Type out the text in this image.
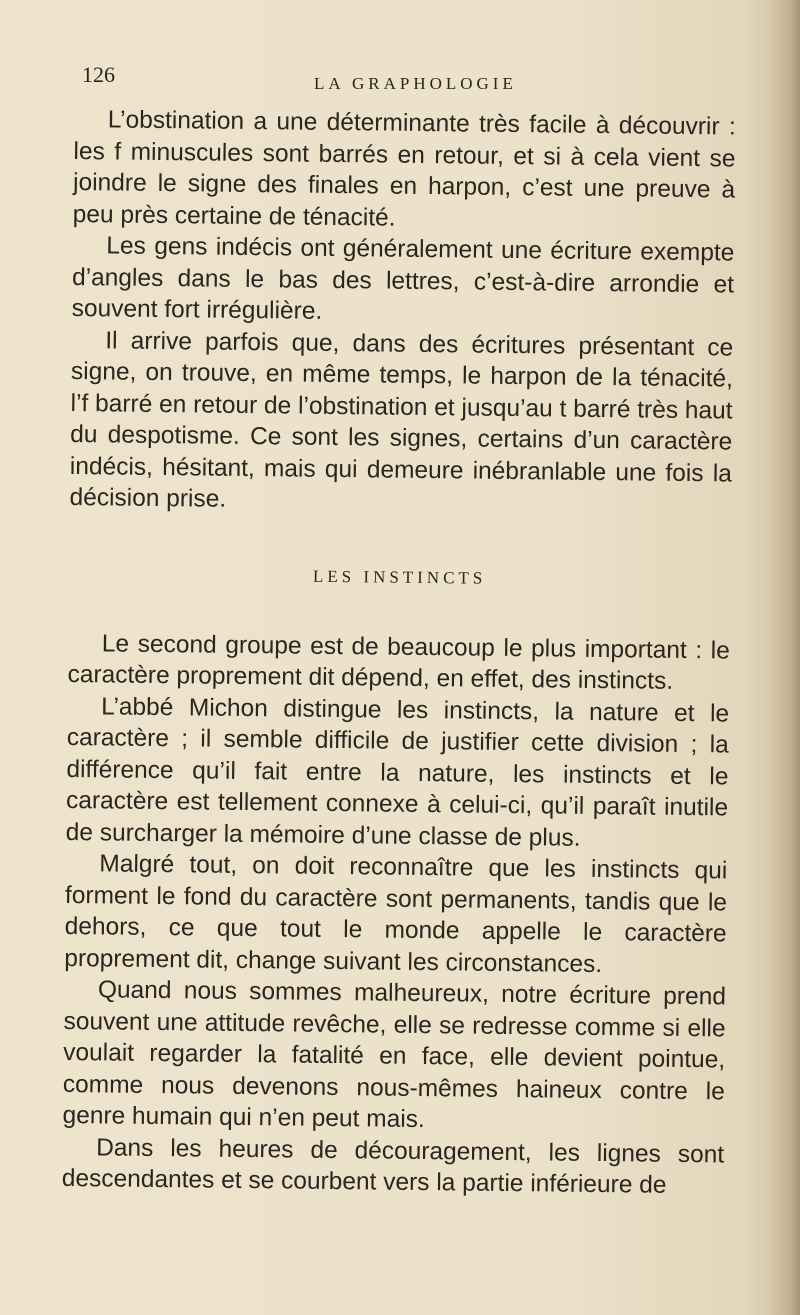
126	LA GRAPHOLOGIE

L’obstination a une déterminante très facile à découvrir : les f minuscules sont barrés en retour, et si à cela vient se joindre le signe des finales en harpon, c’est une preuve à peu près certaine de ténacité.

Les gens indécis ont généralement une écriture exempte d’angles dans le bas des lettres, c’est-à-dire arrondie et souvent fort irrégulière.

Il arrive parfois que, dans des écritures présentant ce signe, on trouve, en même temps, le harpon de la ténacité, l’f barré en retour de l’obstination et jusqu’au t barré très haut du despotisme. Ce sont les signes, certains d’un caractère indécis, hésitant, mais qui demeure inébranlable une fois la décision prise.

LES INSTINCTS

Le second groupe est de beaucoup le plus important : le caractère proprement dit dépend, en effet, des instincts.

L’abbé Michon distingue les instincts, la nature et le caractère ; il semble difficile de justifier cette division ; la différence qu’il fait entre la nature, les instincts et le caractère est tellement connexe à celui-ci, qu’il paraît inutile de surcharger la mémoire d’une classe de plus.

Malgré tout, on doit reconnaître que les instincts qui forment le fond du caractère sont permanents, tandis que le dehors, ce que tout le monde appelle le caractère proprement dit, change suivant les circonstances.

Quand nous sommes malheureux, notre écriture prend souvent une attitude revêche, elle se redresse comme si elle voulait regarder la fatalité en face, elle devient pointue, comme nous devenons nous-mêmes haineux contre le genre humain qui n’en peut mais.

Dans les heures de découragement, les lignes sont descendantes et se courbent vers la partie inférieure de
